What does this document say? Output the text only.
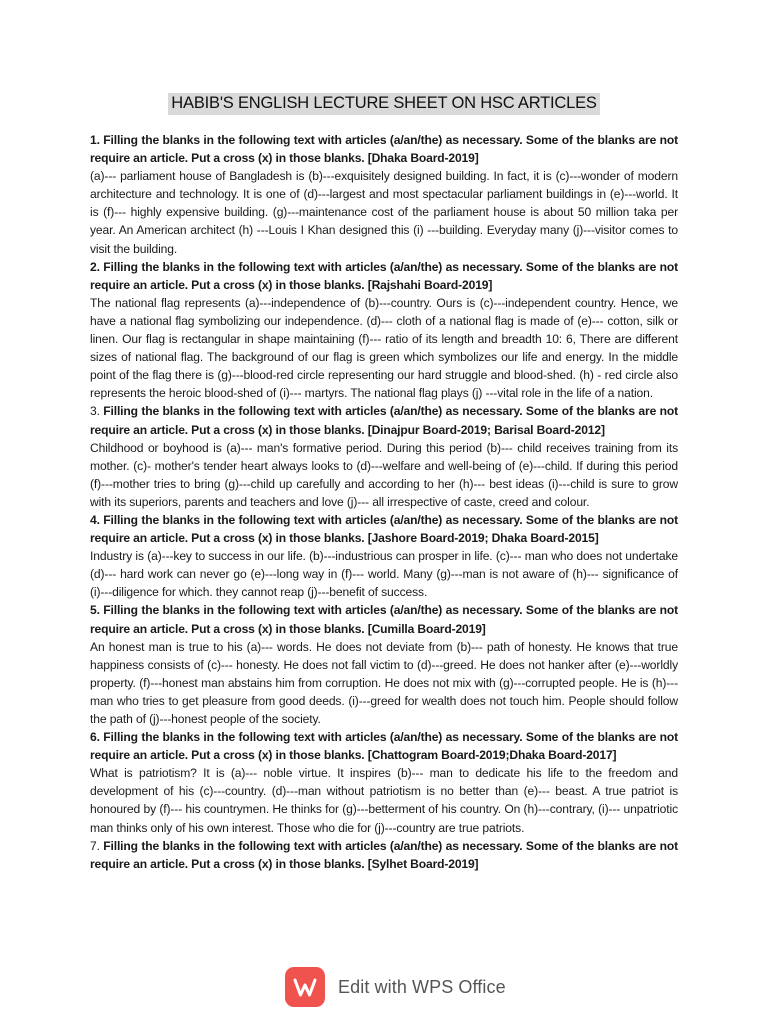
HABIB'S ENGLISH LECTURE SHEET ON HSC ARTICLES

1. Filling the blanks in the following text with articles (a/an/the) as necessary. Some of the blanks are not require an article. Put a cross (x) in those blanks. [Dhaka Board-2019]

(a)--- parliament house of Bangladesh is (b)---exquisitely designed building. In fact, it is (c)---wonder of modern architecture and technology. It is one of (d)---largest and most spectacular parliament buildings in (e)---world. It is (f)--- highly expensive building. (g)---maintenance cost of the parliament house is about 50 million taka per year. An American architect (h) ---Louis I Khan designed this (i) ---building. Everyday many (j)---visitor comes to visit the building.

2. Filling the blanks in the following text with articles (a/an/the) as necessary. Some of the blanks are not require an article. Put a cross (x) in those blanks. [Rajshahi Board-2019]

The national flag represents (a)---independence of (b)---country. Ours is (c)---independent country. Hence, we have a national flag symbolizing our independence. (d)--- cloth of a national flag is made of (e)--- cotton, silk or linen. Our flag is rectangular in shape maintaining (f)--- ratio of its length and breadth 10: 6, There are different sizes of national flag. The background of our flag is green which symbolizes our life and energy. In the middle point of the flag there is (g)---blood-red circle representing our hard struggle and blood-shed. (h) - red circle also represents the heroic blood-shed of (i)--- martyrs. The national flag plays (j) ---vital role in the life of a nation.

3. Filling the blanks in the following text with articles (a/an/the) as necessary. Some of the blanks are not require an article. Put a cross (x) in those blanks. [Dinajpur Board-2019; Barisal Board-2012]

Childhood or boyhood is (a)--- man's formative period. During this period (b)--- child receives training from its mother. (c)- mother's tender heart always looks to (d)---welfare and well-being of (e)---child. If during this period (f)---mother tries to bring (g)---child up carefully and according to her (h)--- best ideas (i)---child is sure to grow with its superiors, parents and teachers and love (j)--- all irrespective of caste, creed and colour.

4. Filling the blanks in the following text with articles (a/an/the) as necessary. Some of the blanks are not require an article. Put a cross (x) in those blanks. [Jashore Board-2019; Dhaka Board-2015]

Industry is (a)---key to success in our life. (b)---industrious can prosper in life. (c)--- man who does not undertake (d)--- hard work can never go (e)---long way in (f)--- world. Many (g)---man is not aware of (h)--- significance of (i)---diligence for which. they cannot reap (j)---benefit of success.

5. Filling the blanks in the following text with articles (a/an/the) as necessary. Some of the blanks are not require an article. Put a cross (x) in those blanks. [Cumilla Board-2019]

An honest man is true to his (a)--- words. He does not deviate from (b)--- path of honesty. He knows that true happiness consists of (c)--- honesty. He does not fall victim to (d)---greed. He does not hanker after (e)---worldly property. (f)---honest man abstains him from corruption. He does not mix with (g)---corrupted people. He is (h)---man who tries to get pleasure from good deeds. (i)---greed for wealth does not touch him. People should follow the path of (j)---honest people of the society.

6. Filling the blanks in the following text with articles (a/an/the) as necessary. Some of the blanks are not require an article. Put a cross (x) in those blanks. [Chattogram Board-2019;Dhaka Board-2017]

What is patriotism? It is (a)--- noble virtue. It inspires (b)--- man to dedicate his life to the freedom and development of his (c)---country. (d)---man without patriotism is no better than (e)--- beast. A true patriot is honoured by (f)--- his countrymen. He thinks for (g)---betterment of his country. On (h)---contrary, (i)--- unpatriotic man thinks only of his own interest. Those who die for (j)---country are true patriots.

7. Filling the blanks in the following text with articles (a/an/the) as necessary. Some of the blanks are not require an article. Put a cross (x) in those blanks. [Sylhet Board-2019]

Edit with WPS Office
